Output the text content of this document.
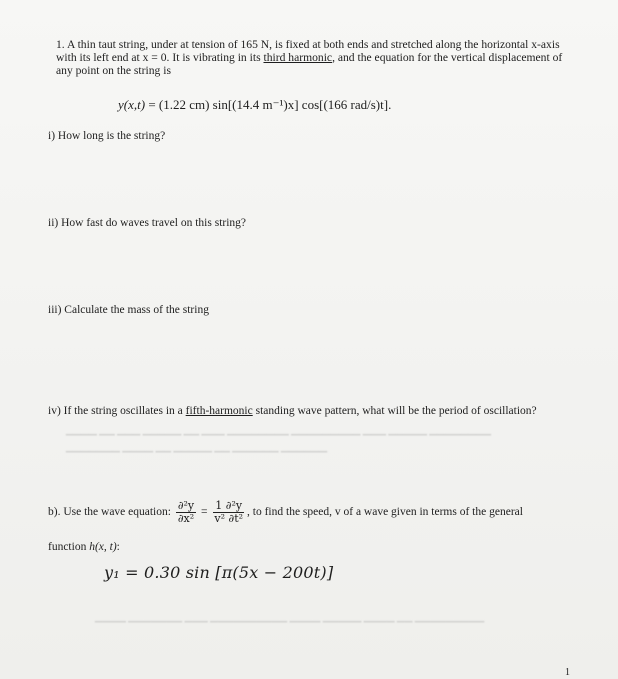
1. A thin taut string, under at tension of 165 N, is fixed at both ends and stretched along the horizontal x-axis with its left end at x = 0. It is vibrating in its third harmonic, and the equation for the vertical displacement of any point on the string is
y(x,t) = (1.22 cm) sin[(14.4 m⁻¹)x] cos[(166 rad/s)t].
i) How long is the string?
ii) How fast do waves travel on this string?
iii) Calculate the mass of the string
iv) If the string oscillates in a fifth-harmonic standing wave pattern, what will be the period of oscillation?
▁▁▁▁ ▁▁ ▁▁▁ ▁▁▁▁▁ ▁▁ ▁▁▁ ▁▁▁▁▁▁▁▁ ▁▁▁▁▁▁▁▁▁ ▁▁▁ ▁▁▁▁▁ ▁▁▁▁▁▁▁▁
▁▁▁▁▁▁▁ ▁▁▁▁ ▁▁ ▁▁▁▁▁ ▁▁ ▁▁▁▁▁▁ ▁▁▁▁▁▁
b). Use the wave equation: $\frac{\text{∂²y}}{\text{∂x²}} = \frac{\text{1 ∂²y}}{\text{v² ∂t²}}$ , to find the speed, v of a wave given in terms of the general
function h(x, t):
y₁ = 0.30 sin [π(5x − 200t)]
▁▁▁▁ ▁▁▁▁▁▁▁ ▁▁▁ ▁▁▁▁▁▁▁▁▁▁ ▁▁▁▁ ▁▁▁▁▁ ▁▁▁▁ ▁▁ ▁▁▁▁▁▁▁▁▁
1
